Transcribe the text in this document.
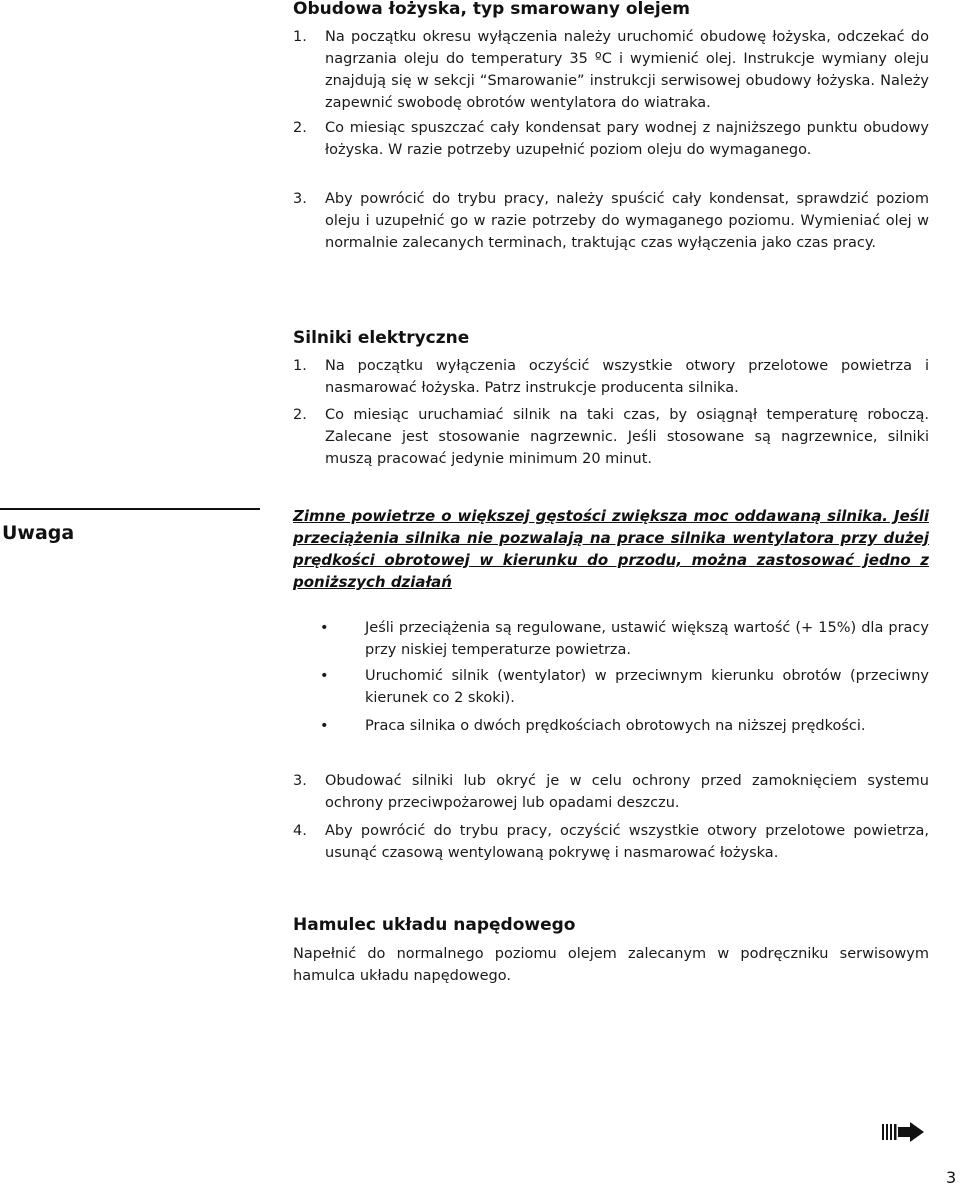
Obudowa łożyska, typ smarowany olejem
1. Na początku okresu wyłączenia należy uruchomić obudowę łożyska, odczekać do nagrzania oleju do temperatury 35 ºC i wymienić olej. Instrukcje wymiany oleju znajdują się w sekcji “Smarowanie” instrukcji serwisowej obudowy łożyska. Należy zapewnić swobodę obrotów wentylatora do wiatraka.
2. Co miesiąc spuszczać cały kondensat pary wodnej z najniższego punktu obudowy łożyska. W razie potrzeby uzupełnić poziom oleju do wymaganego.
3. Aby powrócić do trybu pracy, należy spuścić cały kondensat, sprawdzić poziom oleju i uzupełnić go w razie potrzeby do wymaganego poziomu. Wymieniać olej w normalnie zalecanych terminach, traktując czas wyłączenia jako czas pracy.
Silniki elektryczne
1. Na początku wyłączenia oczyścić wszystkie otwory przelotowe powietrza i nasmarować łożyska. Patrz instrukcje producenta silnika.
2. Co miesiąc uruchamiać silnik na taki czas, by osiągnął temperaturę roboczą. Zalecane jest stosowanie nagrzewnic. Jeśli stosowane są nagrzewnice, silniki muszą pracować jedynie minimum 20 minut.
Uwaga
Zimne powietrze o większej gęstości zwiększa moc oddawaną silnika. Jeśli przeciążenia silnika nie pozwalają na prace silnika wentylatora przy dużej prędkości obrotowej w kierunku do przodu, można zastosować jedno z poniższych działań
•	Jeśli przeciążenia są regulowane, ustawić większą wartość (+ 15%) dla pracy przy niskiej temperaturze powietrza.
•	Uruchomić silnik (wentylator) w przeciwnym kierunku obrotów (przeciwny kierunek co 2 skoki).
•	Praca silnika o dwóch prędkościach obrotowych na niższej prędkości.
3. Obudować silniki lub okryć je w celu ochrony przed zamoknięciem systemu ochrony przeciwpożarowej lub opadami deszczu.
4. Aby powrócić do trybu pracy, oczyścić wszystkie otwory przelotowe powietrza, usunąć czasową wentylowaną pokrywę i nasmarować łożyska.
Hamulec układu napędowego
Napełnić do normalnego poziomu olejem zalecanym w podręczniku serwisowym hamulca układu napędowego.
3
